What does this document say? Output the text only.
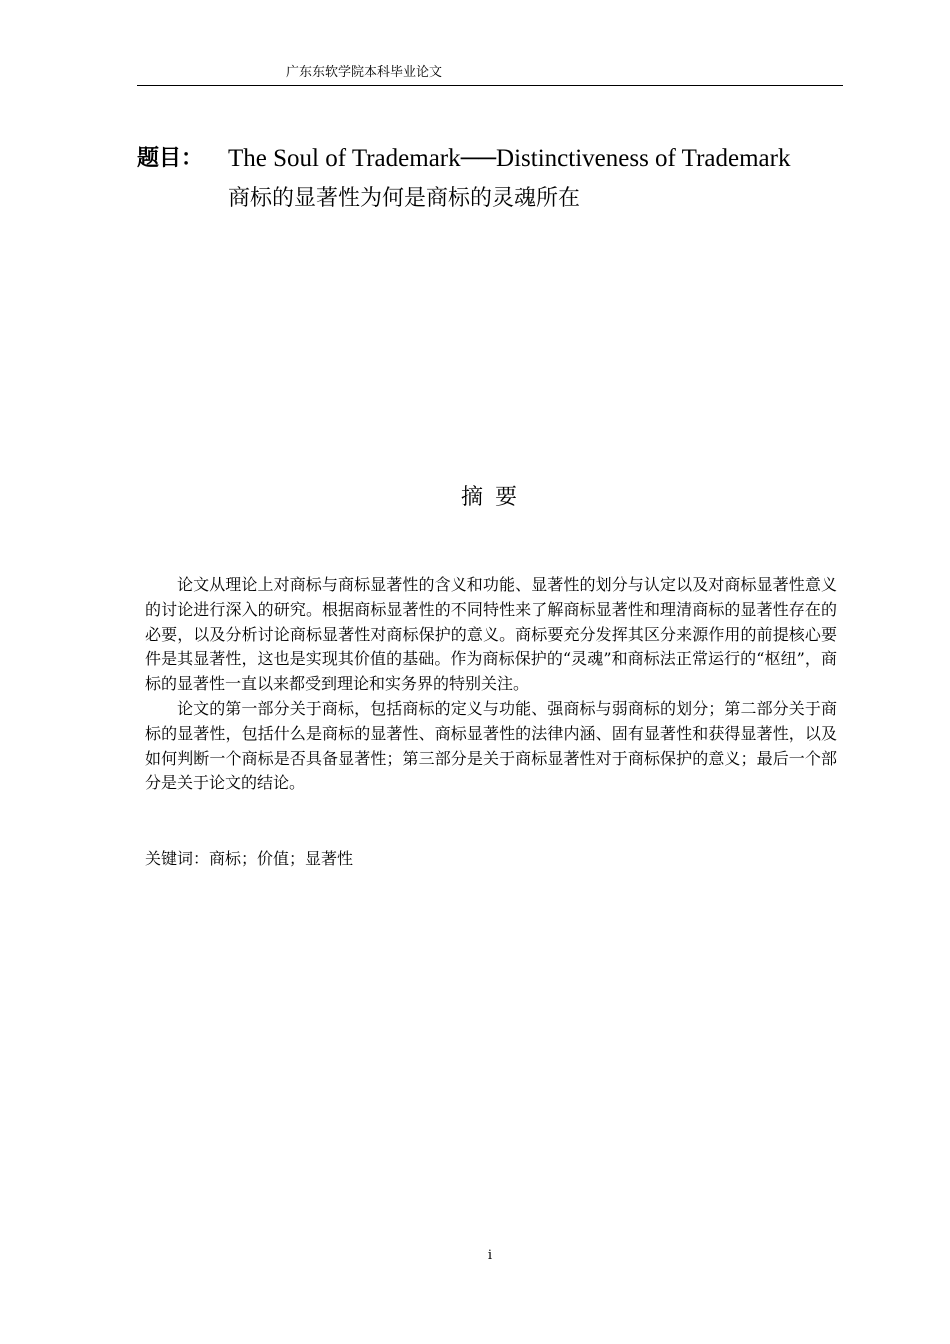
广东东软学院本科毕业论文
题目： The Soul of Trademark──Distinctiveness of Trademark
商标的显著性为何是商标的灵魂所在
摘要

论文从理论上对商标与商标显著性的含义和功能、显著性的划分与认定以及对商标显著性意义的讨论进行深入的研究。根据商标显著性的不同特性来了解商标显著性和理清商标的显著性存在的必要，以及分析讨论商标显著性对商标保护的意义。商标要充分发挥其区分来源作用的前提核心要件是其显著性，这也是实现其价值的基础。作为商标保护的“灵魂”和商标法正常运行的“枢纽”，商标的显著性一直以来都受到理论和实务界的特别关注。

论文的第一部分关于商标，包括商标的定义与功能、强商标与弱商标的划分；第二部分关于商标的显著性，包括什么是商标的显著性、商标显著性的法律内涵、固有显著性和获得显著性，以及如何判断一个商标是否具备显著性；第三部分是关于商标显著性对于商标保护的意义；最后一个部分是关于论文的结论。

关键词：商标；价值；显著性
i
